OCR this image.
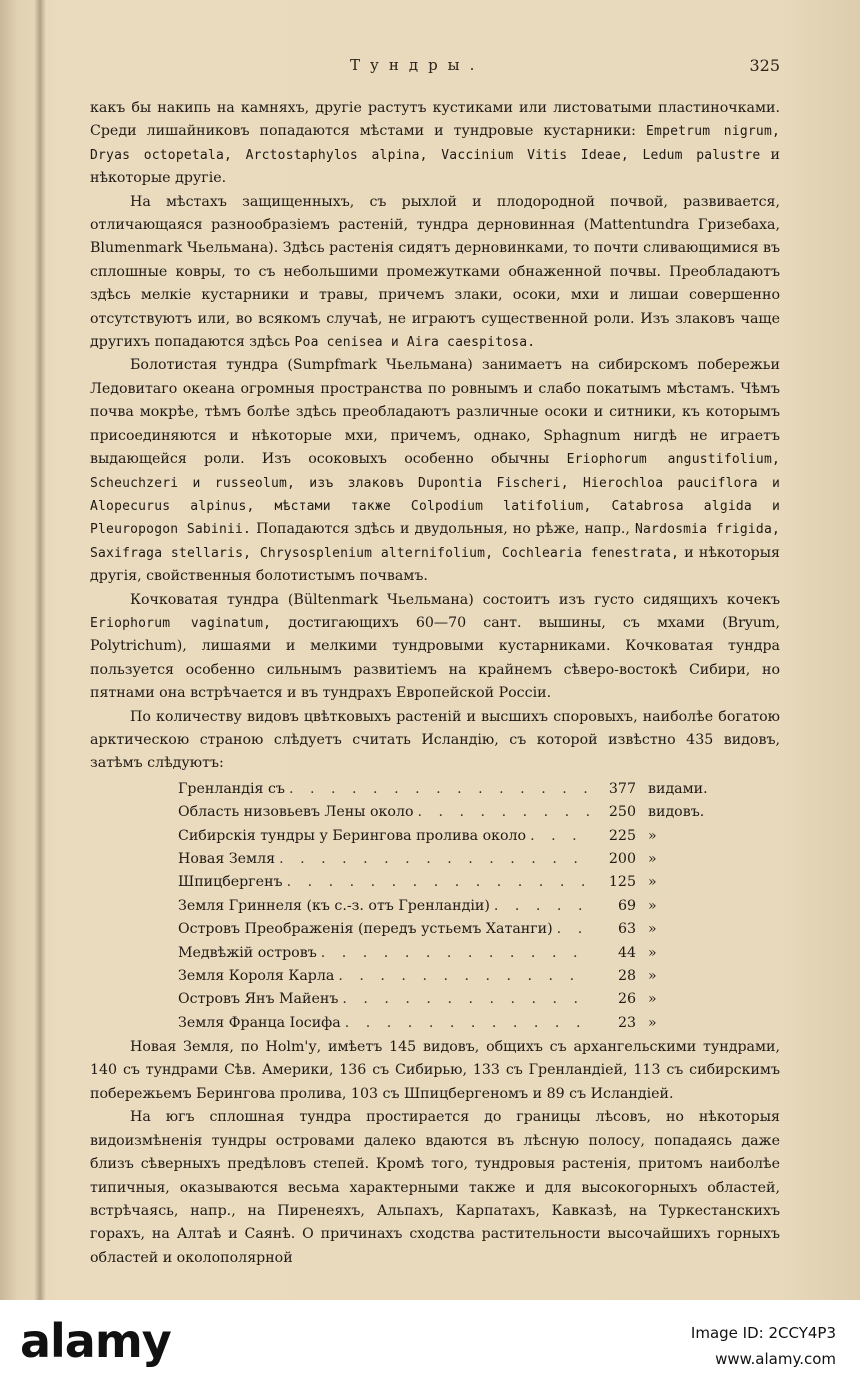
Тундры.	325

какъ бы накипь на камняхъ, другіе растутъ кустиками или листоватыми пластиночками. Среди лишайниковъ попадаются мѣстами и тундровые кустарники: Empetrum nigrum, Dryas octopetala, Arctostaphylos alpina, Vaccinium Vitis Ideae, Ledum palustre и нѣкоторые другіе.

На мѣстахъ защищенныхъ, съ рыхлой и плодородной почвой, развивается, отличающаяся разнообразіемъ растеній, тундра дерновинная (Mattentundra Гризебаха, Blumenmark Чьельмана). Здѣсь растенія сидятъ дерновинками, то почти сливающимися въ сплошные ковры, то съ небольшими промежутками обнаженной почвы. Преобладаютъ здѣсь мелкіе кустарники и травы, причемъ злаки, осоки, мхи и лишаи совершенно отсутствуютъ или, во всякомъ случаѣ, не играютъ существенной роли. Изъ злаковъ чаще другихъ попадаются здѣсь Poa cenisea и Aira caespitosa.

Болотистая тундра (Sumpfmark Чьельмана) занимаетъ на сибирскомъ побережьи Ледовитаго океана огромныя пространства по ровнымъ и слабо покатымъ мѣстамъ. Чѣмъ почва мокрѣе, тѣмъ болѣе здѣсь преобладаютъ различные осоки и ситники, къ которымъ присоединяются и нѣкоторые мхи, причемъ, однако, Sphagnum нигдѣ не играетъ выдающейся роли. Изъ осоковыхъ особенно обычны Eriophorum angustifolium, Scheuchzeri и russeolum, изъ злаковъ Dupontia Fischeri, Hierochloa pauciflora и Alopecurus alpinus, мѣстами также Colpodium latifolium, Catabrosa algida и Pleuropogon Sabinii. Попадаются здѣсь и двудольныя, но рѣже, напр., Nardosmia frigida, Saxifraga stellaris, Chrysosplenium alternifolium, Cochlearia fenestrata, и нѣкоторыя другія, свойственныя болотистымъ почвамъ.

Кочковатая тундра (Bültenmark Чьельмана) состоитъ изъ густо сидящихъ кочекъ Eriophorum vaginatum, достигающихъ 60—70 сант. вышины, съ мхами (Bryum, Polytrichum), лишаями и мелкими тундровыми кустарниками. Кочковатая тундра пользуется особенно сильнымъ развитіемъ на крайнемъ сѣверо-востокѣ Сибири, но пятнами она встрѣчается и въ тундрахъ Европейской Россіи.

По количеству видовъ цвѣтковыхъ растеній и высшихъ споровыхъ, наиболѣе богатою арктическою страною слѣдуетъ считать Исландію, съ которой извѣстно 435 видовъ, затѣмъ слѣдуютъ:

Гренландія съ . . .	377 видами.
Область низовьевъ Лены около . . .	250 видовъ.
Сибирскія тундры у Берингова пролива около . . .	225 »
Новая Земля . . .	200 »
Шпицбергенъ . . .	125 »
Земля Гриннеля (къ с.-з. отъ Гренландіи) . . .	69 »
Островъ Преображенія (передъ устьемъ Хатанги) . . .	63 »
Медвѣжій островъ . . .	44 »
Земля Короля Карла . . .	28 »
Островъ Янъ Майенъ . . .	26 »
Земля Франца Іосифа . . .	23 »

Новая Земля, по Holm'у, имѣетъ 145 видовъ, общихъ съ архангельскими тундрами, 140 съ тундрами Сѣв. Америки, 136 съ Сибирью, 133 съ Гренландіей, 113 съ сибирскимъ побережьемъ Берингова пролива, 103 съ Шпицбергеномъ и 89 съ Исландіей.

На югъ сплошная тундра простирается до границы лѣсовъ, но нѣкоторыя видоизмѣненія тундры островами далеко вдаются въ лѣсную полосу, попадаясь даже близъ сѣверныхъ предѣловъ степей. Кромѣ того, тундровыя растенія, притомъ наиболѣе типичныя, оказываются весьма характерными также и для высокогорныхъ областей, встрѣчаясь, напр., на Пиренеяхъ, Альпахъ, Карпатахъ, Кавказѣ, на Туркестанскихъ горахъ, на Алтаѣ и Саянѣ. О причинахъ сходства растительности высочайшихъ горныхъ областей и околополярной

alamy	Image ID: 2CCY4P3
www.alamy.com
